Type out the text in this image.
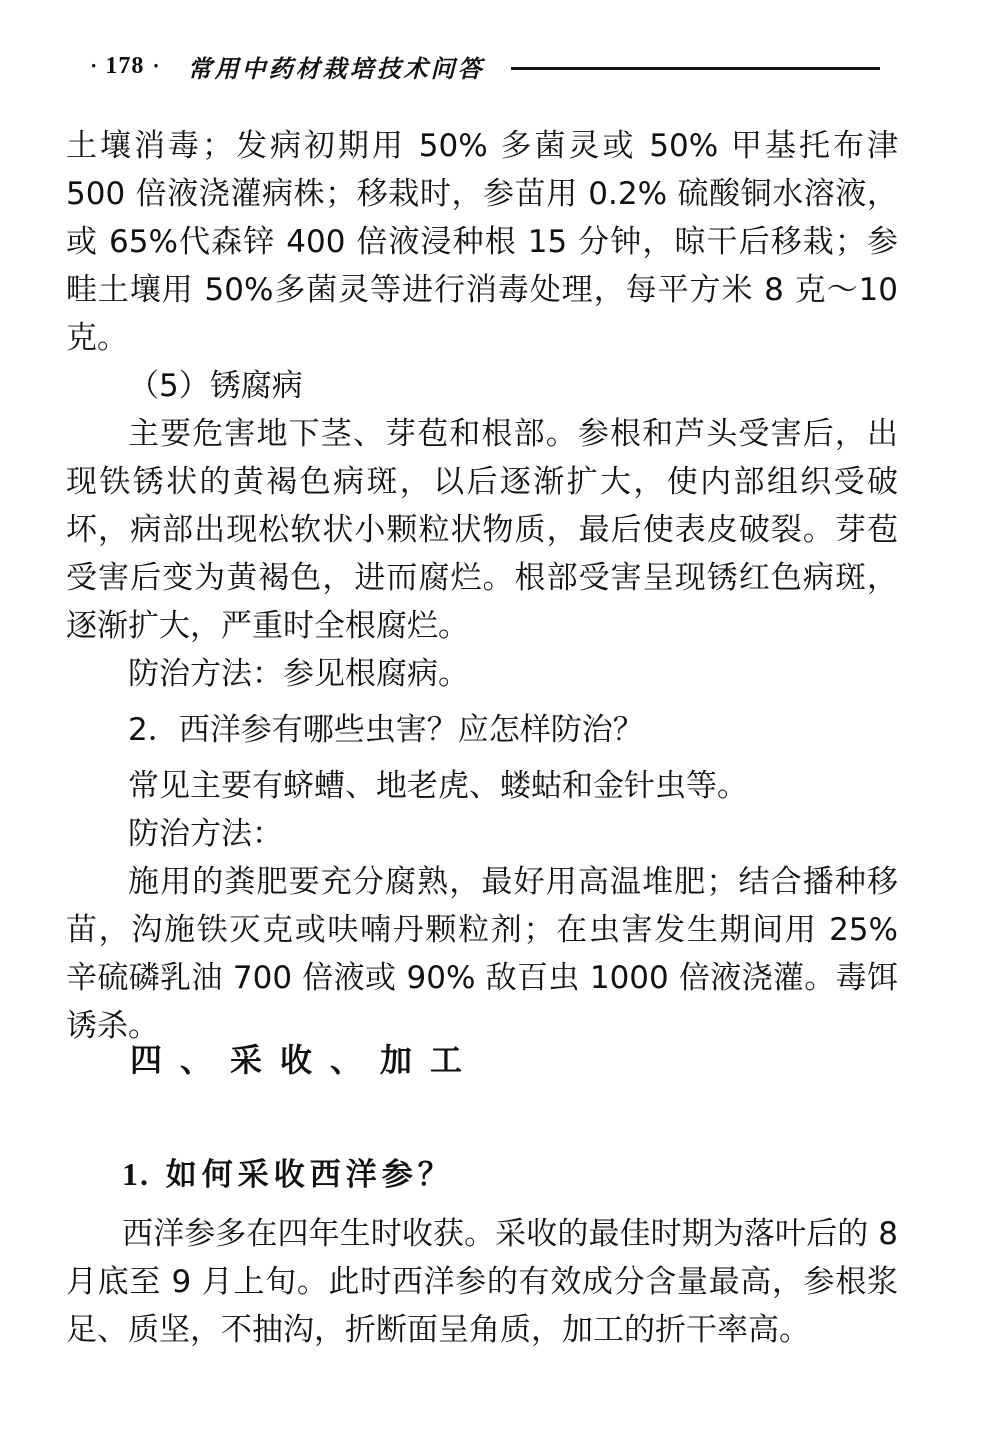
· 178 · 常用中药材栽培技术问答

土壤消毒；发病初期用 50% 多菌灵或 50% 甲基托布津 500 倍液浇灌病株；移栽时，参苗用 0.2% 硫酸铜水溶液，或 65%代森锌 400 倍液浸种根 15 分钟，晾干后移栽；参畦土壤用 50%多菌灵等进行消毒处理，每平方米 8 克～10 克。

（5）锈腐病

主要危害地下茎、芽苞和根部。参根和芦头受害后，出现铁锈状的黄褐色病斑，以后逐渐扩大，使内部组织受破坏，病部出现松软状小颗粒状物质，最后使表皮破裂。芽苞受害后变为黄褐色，进而腐烂。根部受害呈现锈红色病斑，逐渐扩大，严重时全根腐烂。

防治方法：参见根腐病。

2．西洋参有哪些虫害？应怎样防治？

常见主要有蛴螬、地老虎、蝼蛄和金针虫等。

防治方法：

施用的粪肥要充分腐熟，最好用高温堆肥；结合播种移苗，沟施铁灭克或呋喃丹颗粒剂；在虫害发生期间用 25% 辛硫磷乳油 700 倍液或 90% 敌百虫 1000 倍液浇灌。毒饵诱杀。

四、采收、加工
1. 如何采收西洋参？

西洋参多在四年生时收获。采收的最佳时期为落叶后的 8 月底至 9 月上旬。此时西洋参的有效成分含量最高，参根浆足、质坚，不抽沟，折断面呈角质，加工的折干率高。
